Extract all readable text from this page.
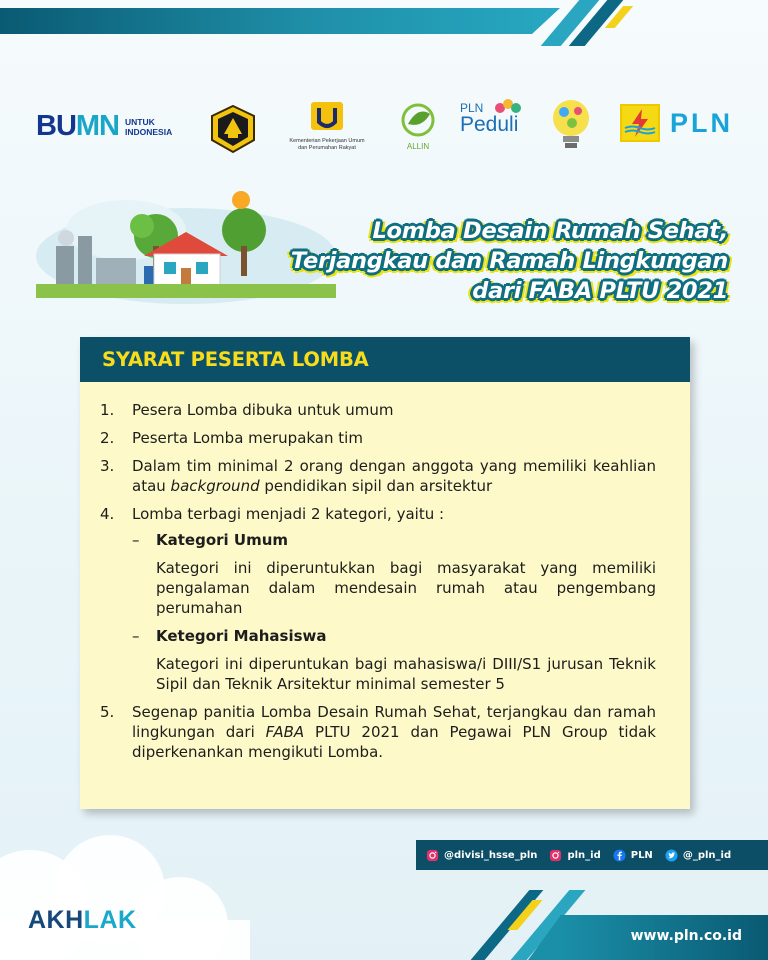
BUMN UNTUK
INDONESIA
Kementerian Pekerjaan Umum
dan Perumahan Rakyat	ALLIN
PLN
Peduli	PLN
Lomba Desain Rumah Sehat,
Terjangkau dan Ramah Lingkungan
dari FABA PLTU 2021
SYARAT PESERTA LOMBA
1.	Pesera Lomba dibuka untuk umum
2.	Peserta Lomba merupakan tim
3.	Dalam tim minimal 2 orang dengan anggota yang memiliki keahlian atau background pendidikan sipil dan arsitektur
4.	Lomba terbagi menjadi 2 kategori, yaitu :
–	Kategori Umum
Kategori ini diperuntukkan bagi masyarakat yang memiliki pengalaman dalam mendesain rumah atau pengembang perumahan
–	Ketegori Mahasiswa
Kategori ini diperuntukan bagi mahasiswa/i DIII/S1 jurusan Teknik Sipil dan Teknik Arsitektur minimal semester 5
5.	Segenap panitia Lomba Desain Rumah Sehat, terjangkau dan ramah lingkungan dari FABA PLTU 2021 dan Pegawai PLN Group tidak diperkenankan mengikuti Lomba.
@divisi_hsse_pln	pln_id	PLN	@_pln_id
AKHLAK
www.pln.co.id
